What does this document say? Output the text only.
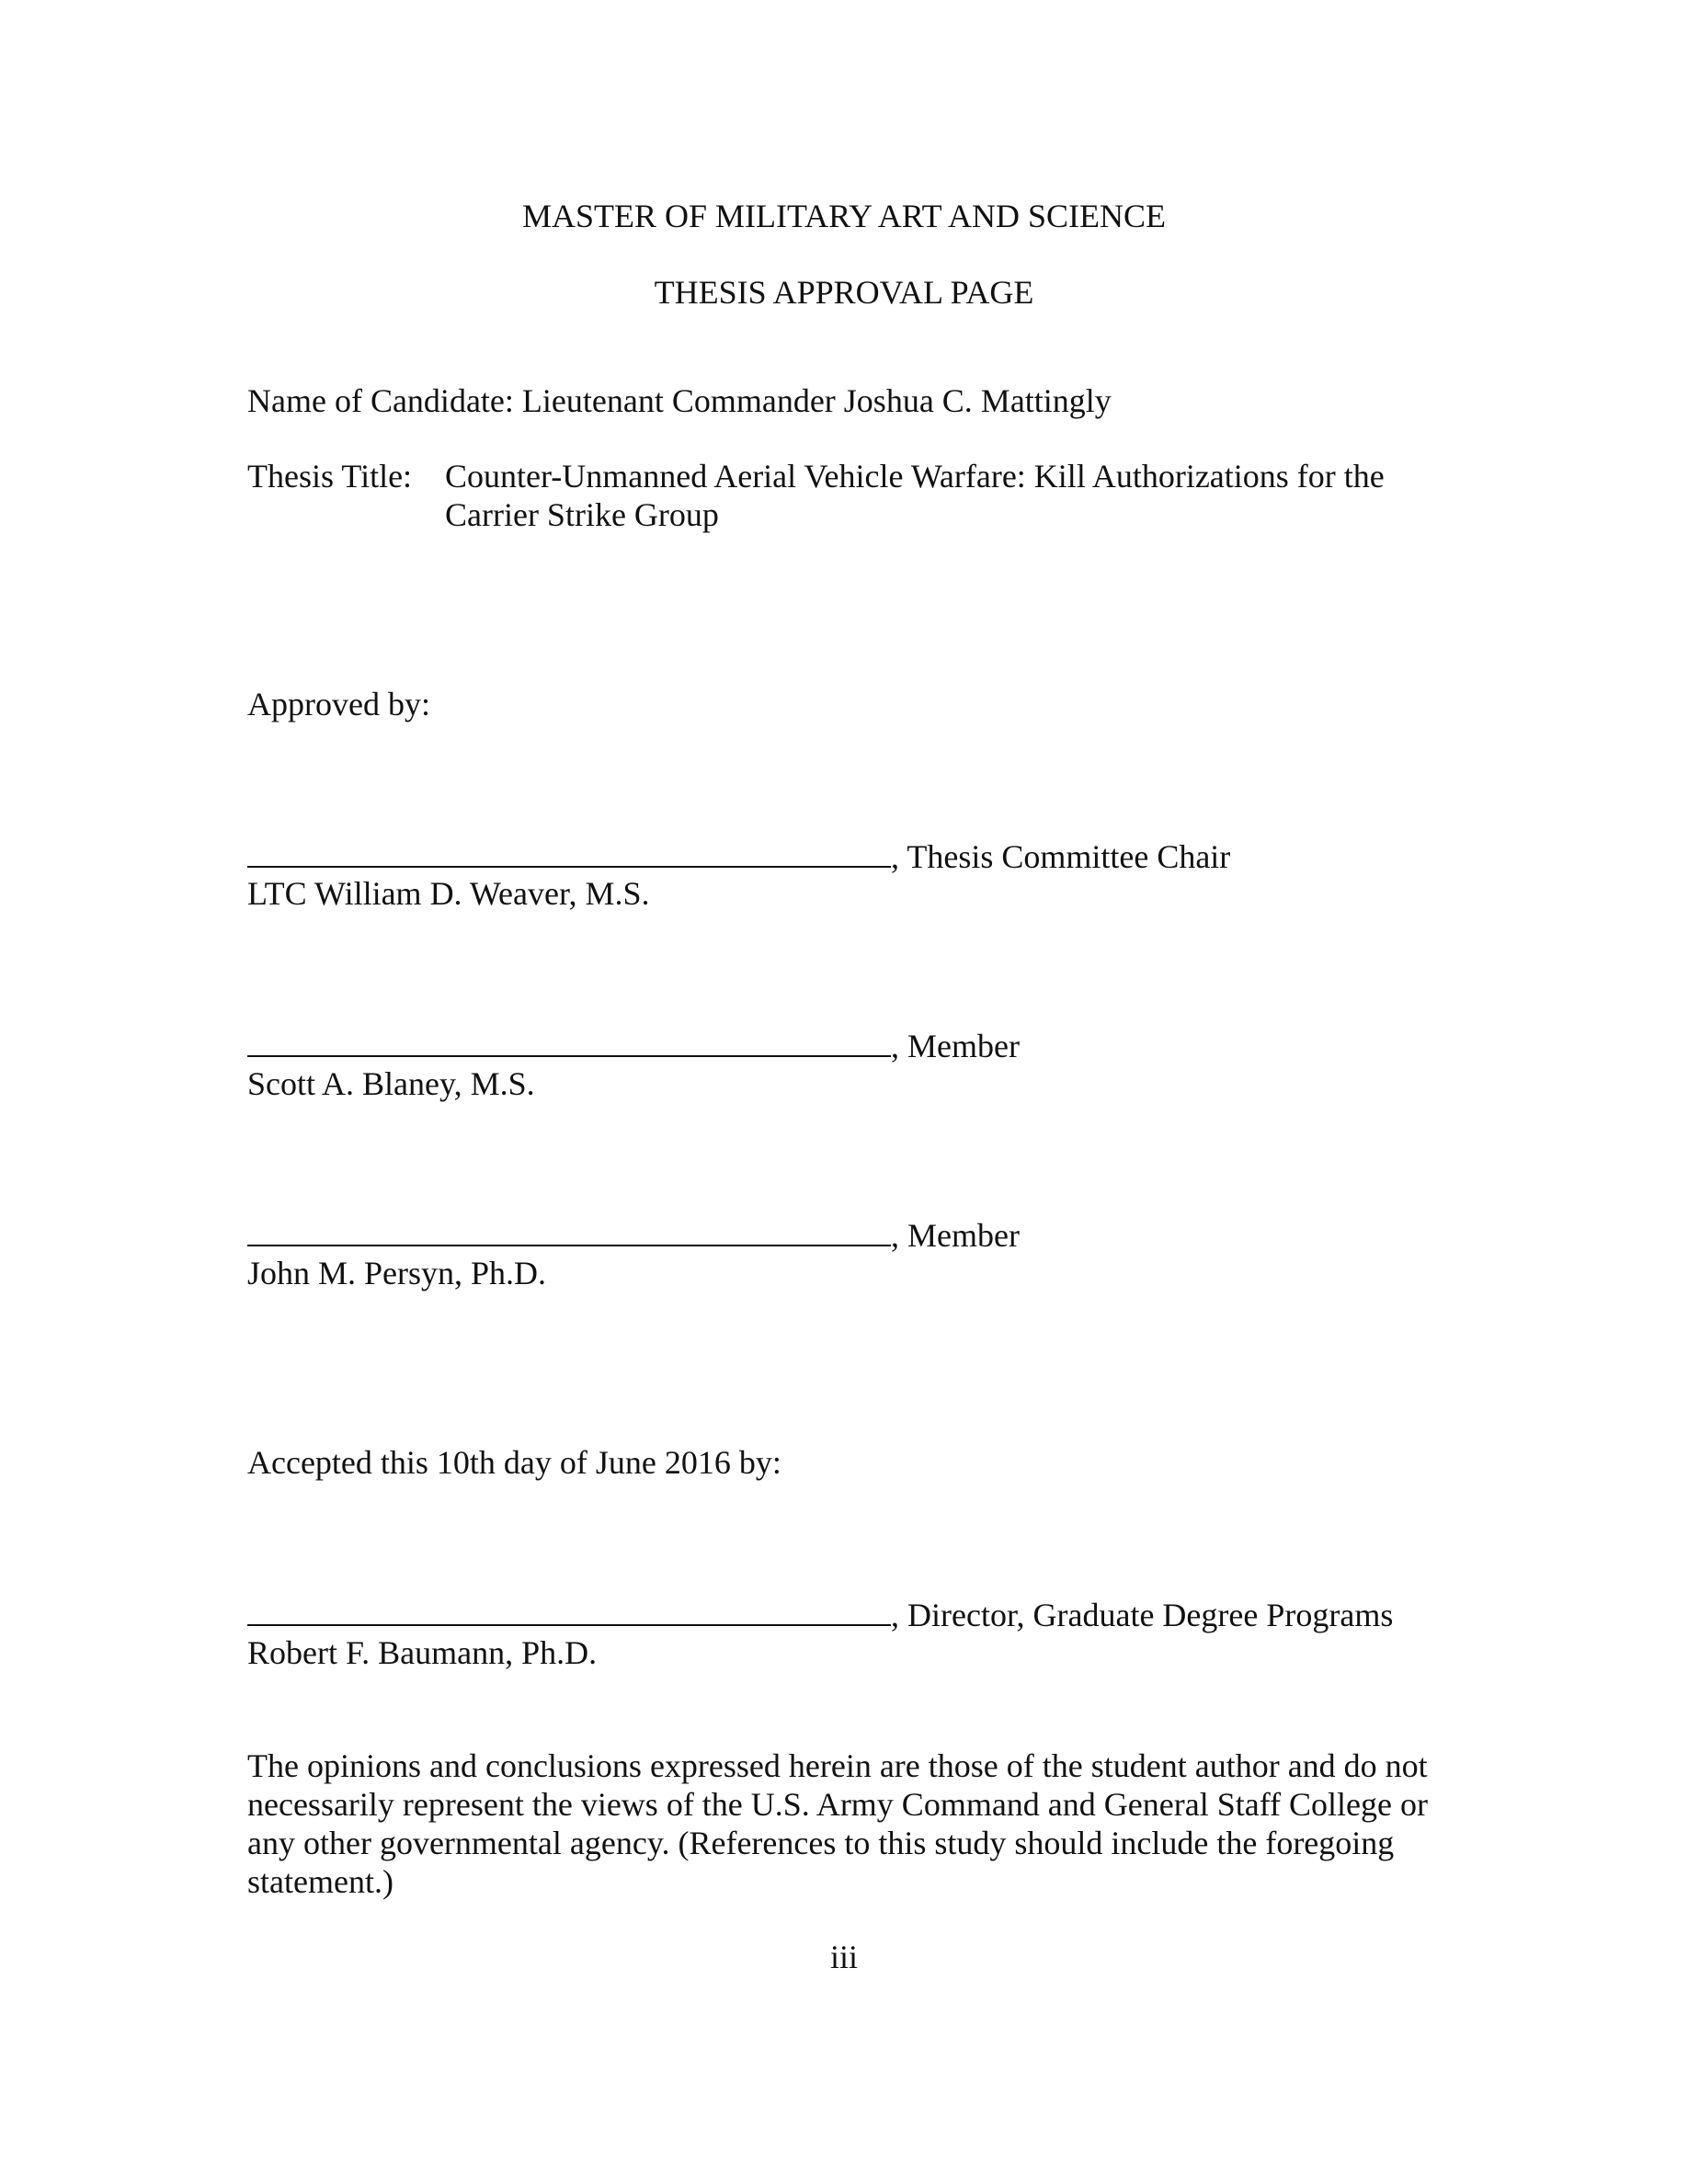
MASTER OF MILITARY ART AND SCIENCE
THESIS APPROVAL PAGE
Name of Candidate: Lieutenant Commander Joshua C. Mattingly
Thesis Title: Counter-Unmanned Aerial Vehicle Warfare: Kill Authorizations for the
Carrier Strike Group
Approved by:
, Thesis Committee Chair
LTC William D. Weaver, M.S.
, Member
Scott A. Blaney, M.S.
, Member
John M. Persyn, Ph.D.
Accepted this 10th day of June 2016 by:
, Director, Graduate Degree Programs
Robert F. Baumann, Ph.D.
The opinions and conclusions expressed herein are those of the student author and do not
necessarily represent the views of the U.S. Army Command and General Staff College or
any other governmental agency. (References to this study should include the foregoing
statement.)
iii
